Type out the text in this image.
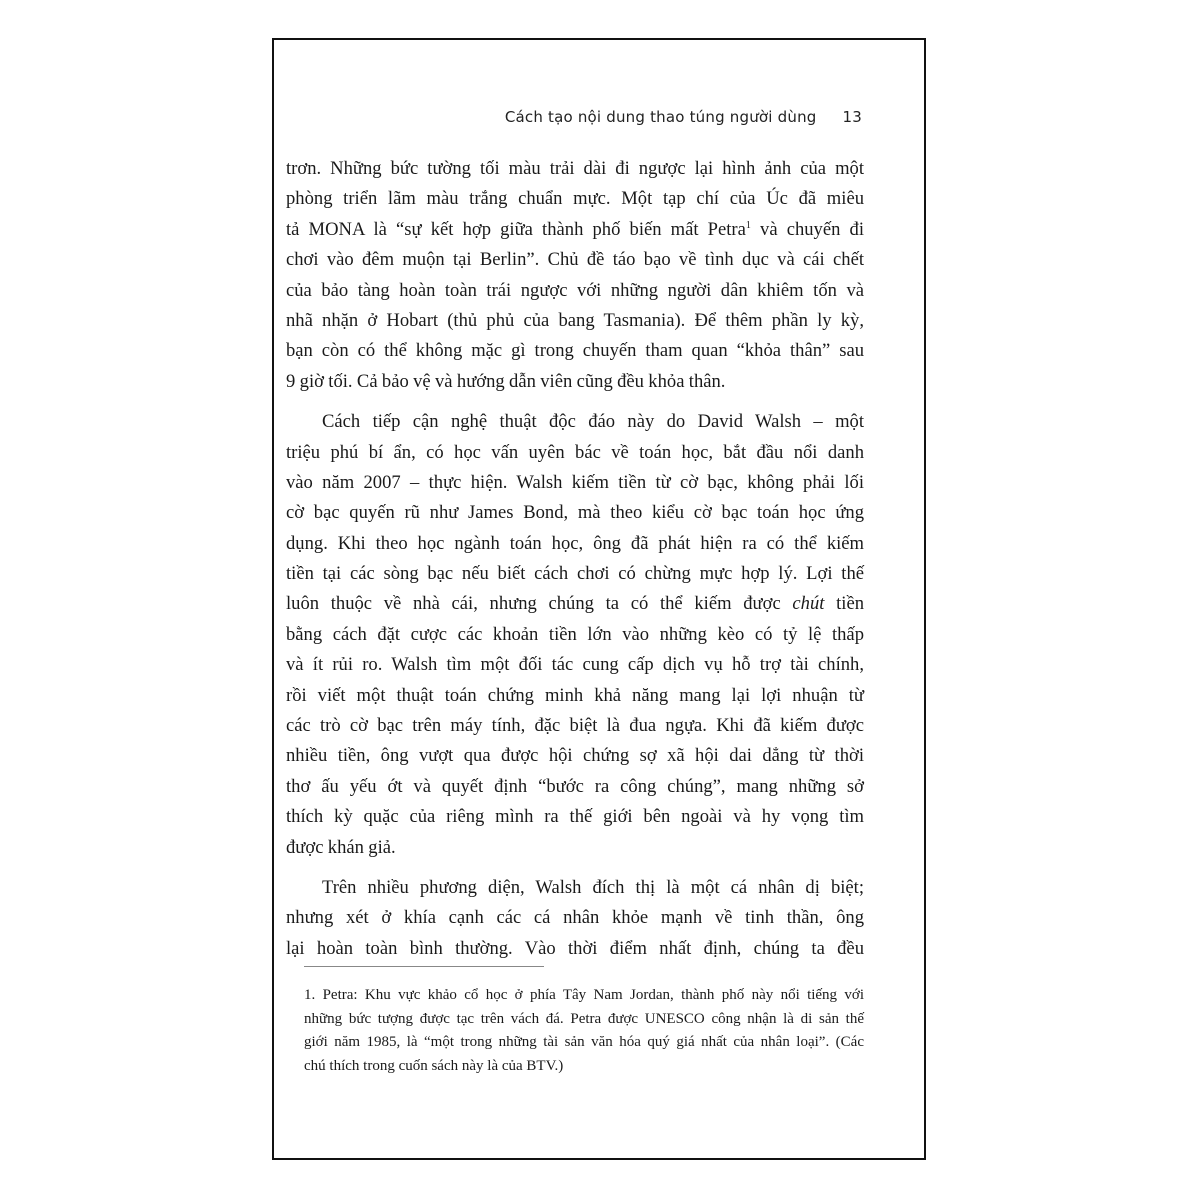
Cách tạo nội dung thao túng người dùng 13
trơn. Những bức tường tối màu trải dài đi ngược lại hình ảnh của một
phòng triển lãm màu trắng chuẩn mực. Một tạp chí của Úc đã miêu
tả MONA là “sự kết hợp giữa thành phố biến mất Petra$^1$ và chuyến đi
chơi vào đêm muộn tại Berlin”. Chủ đề táo bạo về tình dục và cái chết
của bảo tàng hoàn toàn trái ngược với những người dân khiêm tốn và
nhã nhặn ở Hobart (thủ phủ của bang Tasmania). Để thêm phần ly kỳ,
bạn còn có thể không mặc gì trong chuyến tham quan “khỏa thân” sau
9 giờ tối. Cả bảo vệ và hướng dẫn viên cũng đều khỏa thân.
Cách tiếp cận nghệ thuật độc đáo này do David Walsh – một
triệu phú bí ẩn, có học vấn uyên bác về toán học, bắt đầu nổi danh
vào năm 2007 – thực hiện. Walsh kiếm tiền từ cờ bạc, không phải lối
cờ bạc quyến rũ như James Bond, mà theo kiểu cờ bạc toán học ứng
dụng. Khi theo học ngành toán học, ông đã phát hiện ra có thể kiếm
tiền tại các sòng bạc nếu biết cách chơi có chừng mực hợp lý. Lợi thế
luôn thuộc về nhà cái, nhưng chúng ta có thể kiếm được chút tiền
bằng cách đặt cược các khoản tiền lớn vào những kèo có tỷ lệ thấp
và ít rủi ro. Walsh tìm một đối tác cung cấp dịch vụ hỗ trợ tài chính,
rồi viết một thuật toán chứng minh khả năng mang lại lợi nhuận từ
các trò cờ bạc trên máy tính, đặc biệt là đua ngựa. Khi đã kiếm được
nhiều tiền, ông vượt qua được hội chứng sợ xã hội dai dẳng từ thời
thơ ấu yếu ớt và quyết định “bước ra công chúng”, mang những sở
thích kỳ quặc của riêng mình ra thế giới bên ngoài và hy vọng tìm
được khán giả.
Trên nhiều phương diện, Walsh đích thị là một cá nhân dị biệt;
nhưng xét ở khía cạnh các cá nhân khỏe mạnh về tinh thần, ông
lại hoàn toàn bình thường. Vào thời điểm nhất định, chúng ta đều
1. Petra: Khu vực khảo cổ học ở phía Tây Nam Jordan, thành phố này nổi tiếng với
những bức tượng được tạc trên vách đá. Petra được UNESCO công nhận là di sản thế
giới năm 1985, là “một trong những tài sản văn hóa quý giá nhất của nhân loại”. (Các
chú thích trong cuốn sách này là của BTV.)
